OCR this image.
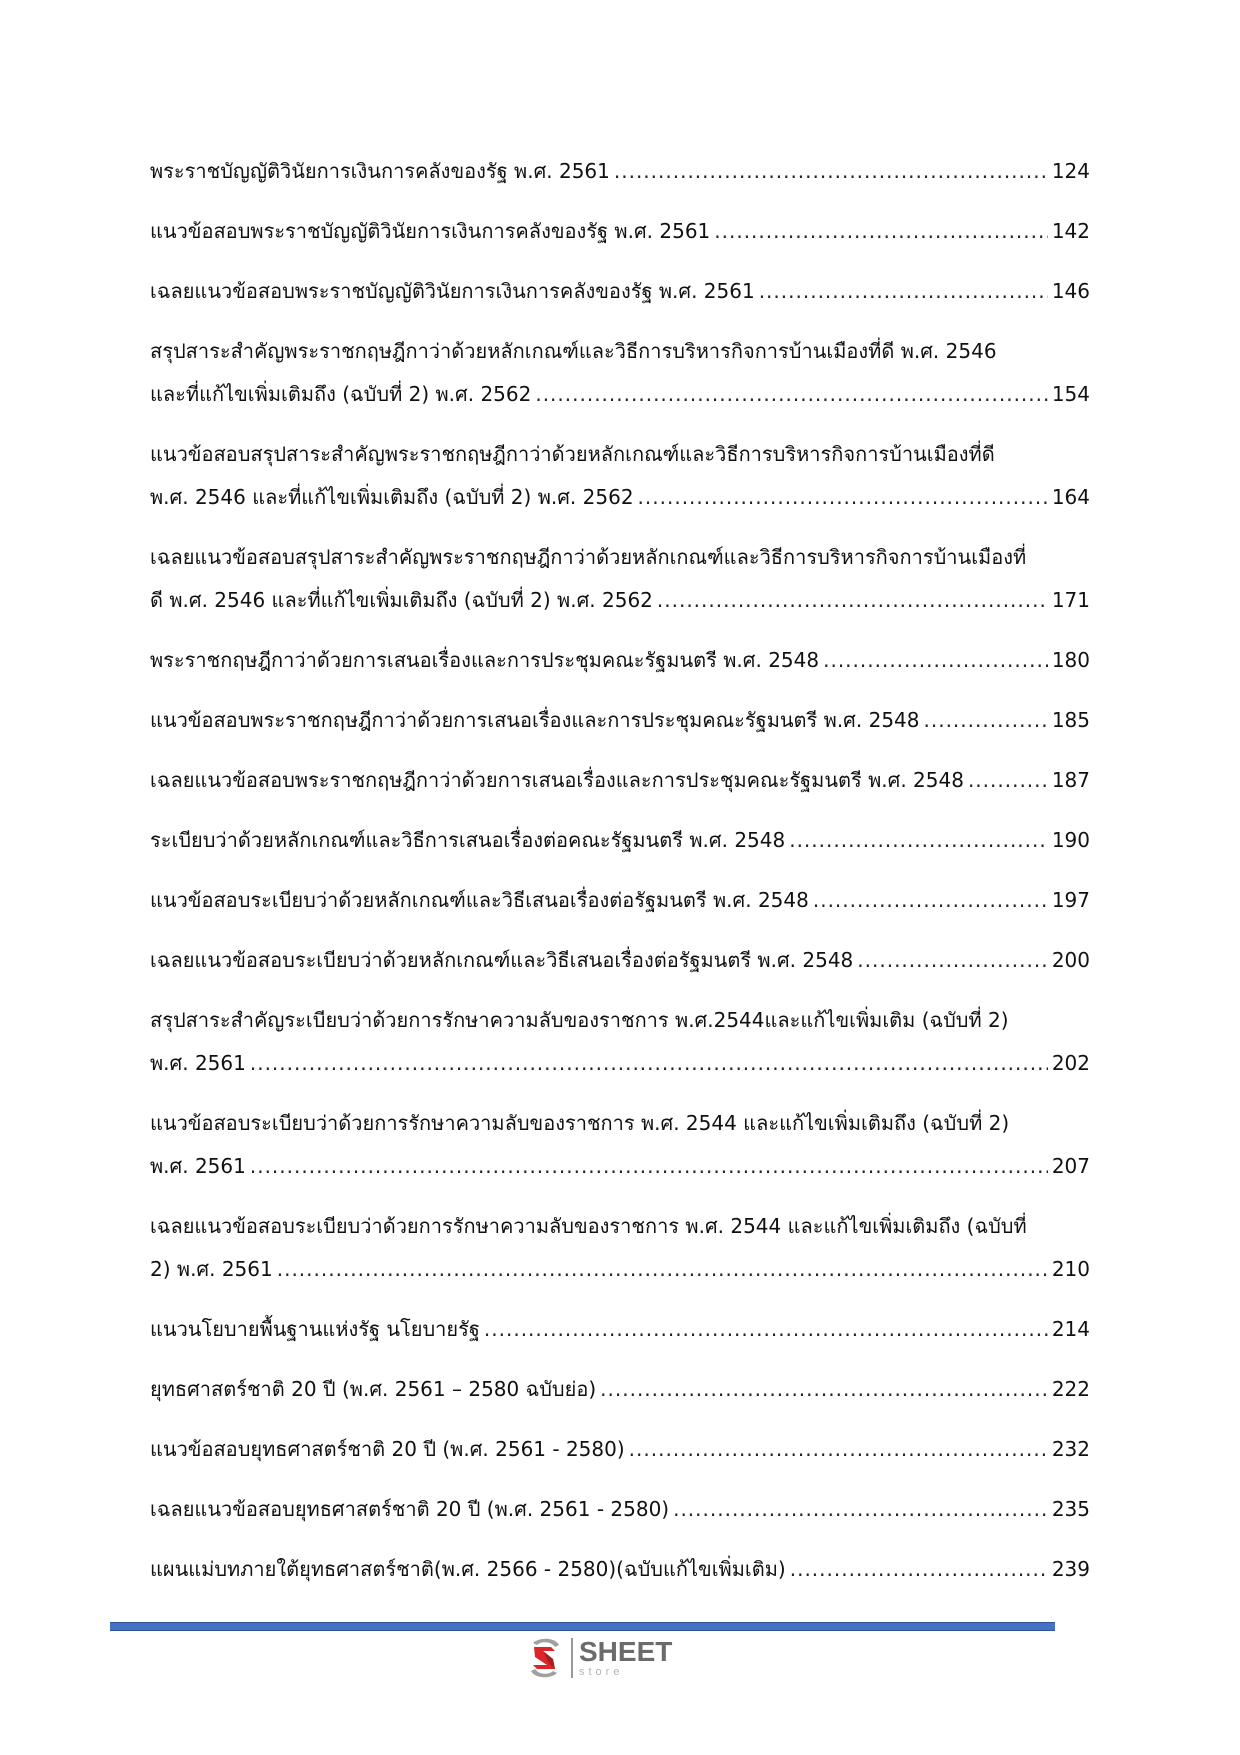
พระราชบัญญัติวินัยการเงินการคลังของรัฐ พ.ศ. 2561 .....	124
แนวข้อสอบพระราชบัญญัติวินัยการเงินการคลังของรัฐ พ.ศ. 2561 .....	142
เฉลยแนวข้อสอบพระราชบัญญัติวินัยการเงินการคลังของรัฐ พ.ศ. 2561 .....	146
สรุปสาระสำคัญพระราชกฤษฎีกาว่าด้วยหลักเกณฑ์และวิธีการบริหารกิจการบ้านเมืองที่ดี พ.ศ. 2546
และที่แก้ไขเพิ่มเติมถึง (ฉบับที่ 2) พ.ศ. 2562 .....	154
แนวข้อสอบสรุปสาระสำคัญพระราชกฤษฎีกาว่าด้วยหลักเกณฑ์และวิธีการบริหารกิจการบ้านเมืองที่ดี
พ.ศ. 2546 และที่แก้ไขเพิ่มเติมถึง (ฉบับที่ 2) พ.ศ. 2562 .....	164
เฉลยแนวข้อสอบสรุปสาระสำคัญพระราชกฤษฎีกาว่าด้วยหลักเกณฑ์และวิธีการบริหารกิจการบ้านเมืองที่
ดี พ.ศ. 2546 และที่แก้ไขเพิ่มเติมถึง (ฉบับที่ 2) พ.ศ. 2562 .....	171
พระราชกฤษฎีกาว่าด้วยการเสนอเรื่องและการประชุมคณะรัฐมนตรี พ.ศ. 2548 .....	180
แนวข้อสอบพระราชกฤษฎีกาว่าด้วยการเสนอเรื่องและการประชุมคณะรัฐมนตรี พ.ศ. 2548 .....	185
เฉลยแนวข้อสอบพระราชกฤษฎีกาว่าด้วยการเสนอเรื่องและการประชุมคณะรัฐมนตรี พ.ศ. 2548 .....	187
ระเบียบว่าด้วยหลักเกณฑ์และวิธีการเสนอเรื่องต่อคณะรัฐมนตรี พ.ศ. 2548 .....	190
แนวข้อสอบระเบียบว่าด้วยหลักเกณฑ์และวิธีเสนอเรื่องต่อรัฐมนตรี พ.ศ. 2548 .....	197
เฉลยแนวข้อสอบระเบียบว่าด้วยหลักเกณฑ์และวิธีเสนอเรื่องต่อรัฐมนตรี พ.ศ. 2548 .....	200
สรุปสาระสำคัญระเบียบว่าด้วยการรักษาความลับของราชการ พ.ศ.2544และแก้ไขเพิ่มเติม (ฉบับที่ 2)
พ.ศ. 2561 .....	202
แนวข้อสอบระเบียบว่าด้วยการรักษาความลับของราชการ พ.ศ. 2544 และแก้ไขเพิ่มเติมถึง (ฉบับที่ 2)
พ.ศ. 2561 .....	207
เฉลยแนวข้อสอบระเบียบว่าด้วยการรักษาความลับของราชการ พ.ศ. 2544 และแก้ไขเพิ่มเติมถึง (ฉบับที่
2) พ.ศ. 2561 .....	210
แนวนโยบายพื้นฐานแห่งรัฐ นโยบายรัฐ .....	214
ยุทธศาสตร์ชาติ 20 ปี (พ.ศ. 2561 – 2580 ฉบับย่อ) .....	222
แนวข้อสอบยุทธศาสตร์ชาติ 20 ปี (พ.ศ. 2561 - 2580) .....	232
เฉลยแนวข้อสอบยุทธศาสตร์ชาติ 20 ปี (พ.ศ. 2561 - 2580) .....	235
แผนแม่บทภายใต้ยุทธศาสตร์ชาติ(พ.ศ. 2566 - 2580)(ฉบับแก้ไขเพิ่มเติม) .....	239
SHEET
store
